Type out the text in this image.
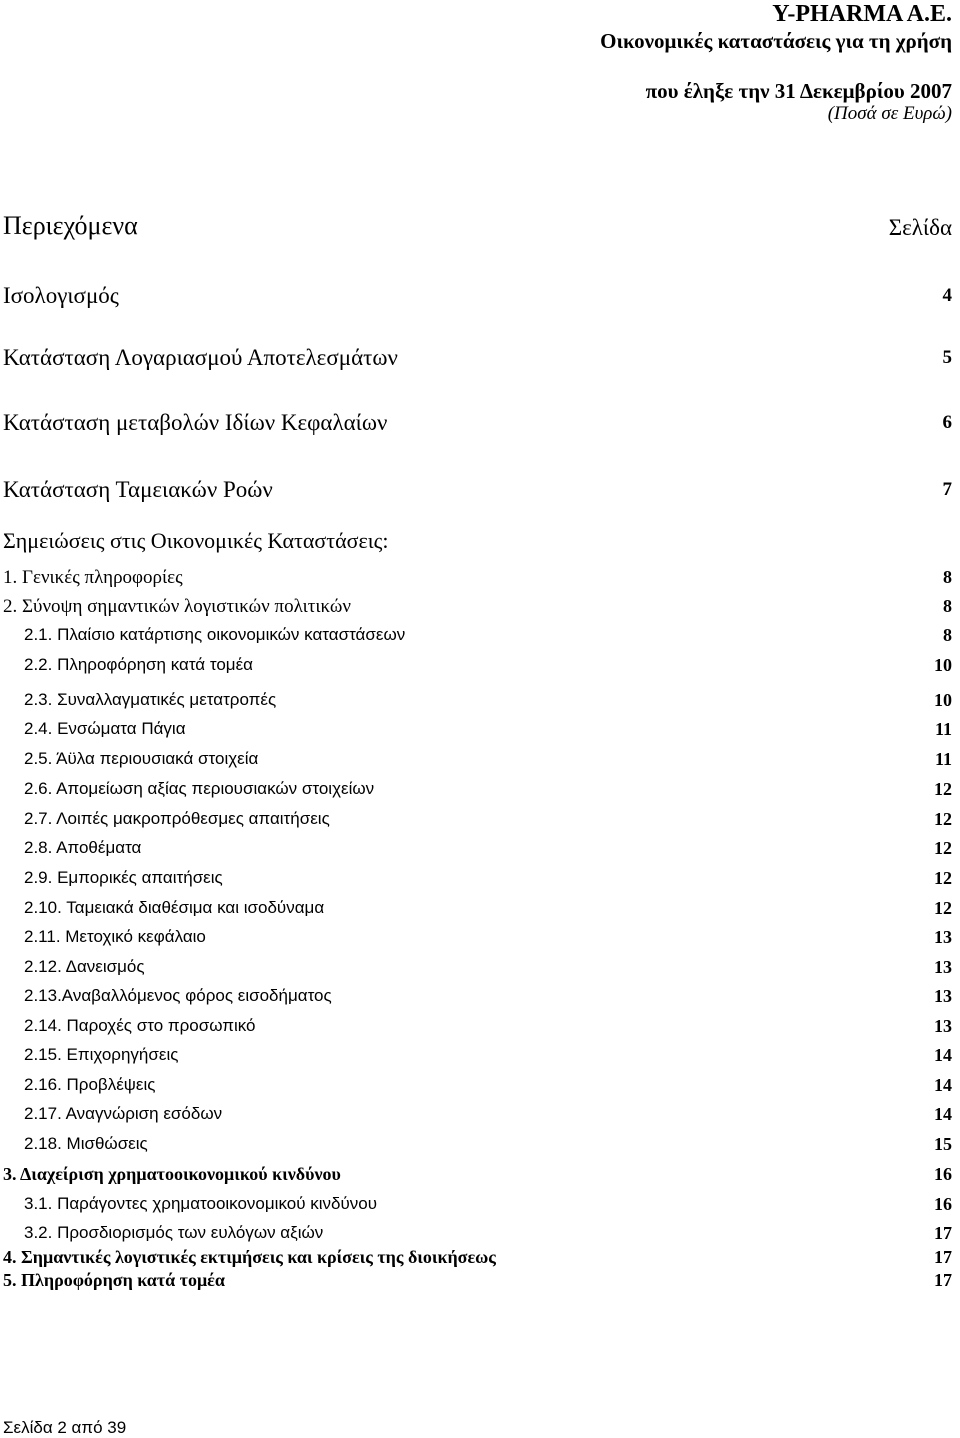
Y-PHARMA A.E.
Οικονομικές καταστάσεις για τη χρήση
που έληξε την 31 Δεκεμβρίου 2007
(Ποσά σε Ευρώ)
Περιεχόμενα	Σελίδα
Ισολογισμός	4
Κατάσταση Λογαριασμού Αποτελεσμάτων	5
Κατάσταση μεταβολών Ιδίων Κεφαλαίων	6
Κατάσταση Ταμειακών Ροών	7
Σημειώσεις στις Οικονομικές Καταστάσεις:
1. Γενικές πληροφορίες	8
2. Σύνοψη σημαντικών λογιστικών πολιτικών	8
2.1. Πλαίσιο κατάρτισης οικονομικών καταστάσεων	8
2.2. Πληροφόρηση κατά τομέα	10
2.3. Συναλλαγματικές μετατροπές	10
2.4. Ενσώματα Πάγια	11
2.5. Άϋλα περιουσιακά στοιχεία	11
2.6. Απομείωση αξίας περιουσιακών στοιχείων	12
2.7. Λοιπές μακροπρόθεσμες απαιτήσεις	12
2.8. Αποθέματα	12
2.9. Εμπορικές απαιτήσεις	12
2.10. Ταμειακά διαθέσιμα και ισοδύναμα	12
2.11. Μετοχικό κεφάλαιο	13
2.12. Δανεισμός	13
2.13.Αναβαλλόμενος φόρος εισοδήματος	13
2.14. Παροχές στο προσωπικό	13
2.15. Επιχορηγήσεις	14
2.16. Προβλέψεις	14
2.17. Αναγνώριση εσόδων	14
2.18. Μισθώσεις	15
3. Διαχείριση χρηματοοικονομικού κινδύνου	16
3.1. Παράγοντες χρηματοοικονομικού κινδύνου	16
3.2. Προσδιορισμός των ευλόγων αξιών	17
4. Σημαντικές λογιστικές εκτιμήσεις και κρίσεις της διοικήσεως	17
5. Πληροφόρηση κατά τομέα	17
Σελίδα 2 από 39
